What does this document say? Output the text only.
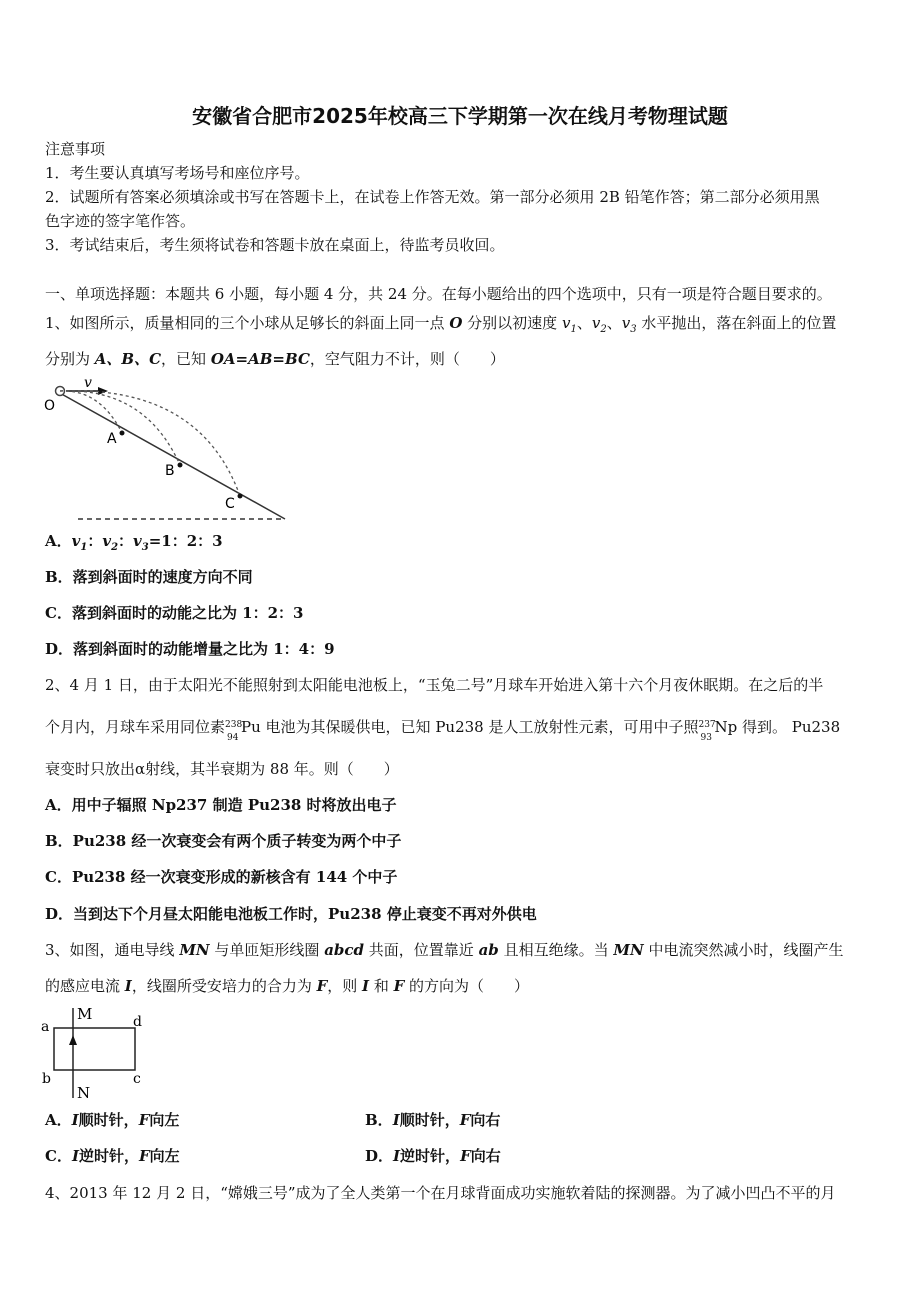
安徽省合肥市2025年校高三下学期第一次在线月考物理试题
注意事项
1．考生要认真填写考场号和座位序号。
2．试题所有答案必须填涂或书写在答题卡上，在试卷上作答无效。第一部分必须用 2B 铅笔作答；第二部分必须用黑
色字迹的签字笔作答。
3．考试结束后，考生须将试卷和答题卡放在桌面上，待监考员收回。
一、单项选择题：本题共 6 小题，每小题 4 分，共 24 分。在每小题给出的四个选项中，只有一项是符合题目要求的。
1、如图所示，质量相同的三个小球从足够长的斜面上同一点 O 分别以初速度 $v_1$、$v_2$、$v_3$ 水平抛出，落在斜面上的位置
分别为 A、B、C，已知 OA=AB=BC，空气阻力不计，则（　　）
v
O
A
B
C
A．$v_1$：$v_2$：$v_3=1$：2：3
B．落到斜面时的速度方向不同
C．落到斜面时的动能之比为 1：2：3
D．落到斜面时的动能增量之比为 1：4：9
2、4 月 1 日，由于太阳光不能照射到太阳能电池板上，“玉兔二号”月球车开始进入第十六个月夜休眠期。在之后的半
个月内，月球车采用同位素 238
94
Pu 电池为其保暖供电，已知 Pu238 是人工放射性元素，可用中子照 237
93
Np 得到。 Pu238
衰变时只放出α射线，其半衰期为 88 年。则（　　）
A．用中子辐照 Np237 制造 Pu238 时将放出电子
B．Pu238 经一次衰变会有两个质子转变为两个中子
C．Pu238 经一次衰变形成的新核含有 144 个中子
D．当到达下个月昼太阳能电池板工作时，Pu238 停止衰变不再对外供电
3、如图，通电导线 MN 与单匝矩形线圈 abcd 共面，位置靠近 ab 且相互绝缘。当 MN 中电流突然减小时，线圈产生
的感应电流 I，线圈所受安培力的合力为 F，则 I 和 F 的方向为（　　）
M
N
a
b	c
d
A．I顺时针，F向左	B．I顺时针，F向右
C．I逆时针，F向左	D．I逆时针，F向右
4、2013 年 12 月 2 日，“嫦娥三号”成为了全人类第一个在月球背面成功实施软着陆的探测器。为了减小凹凸不平的月
